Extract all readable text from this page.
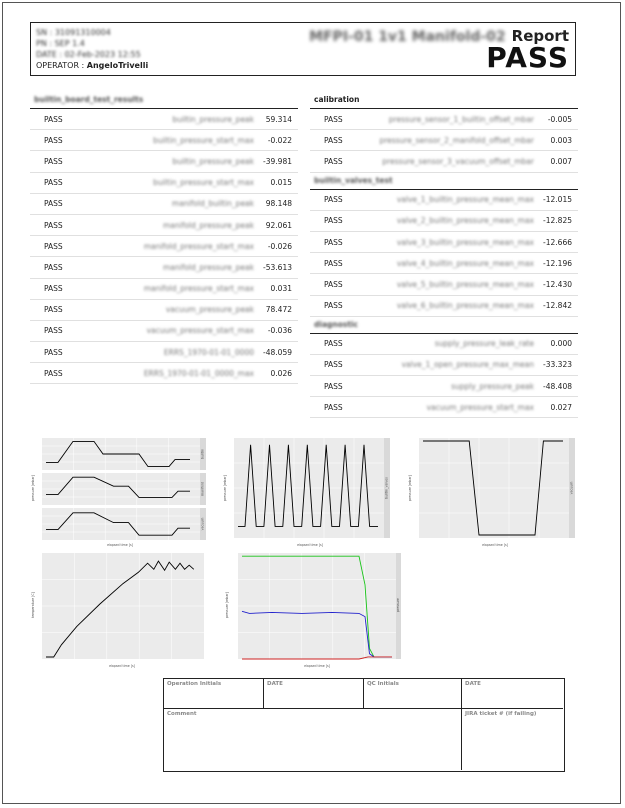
SN : 31091310004
PN : SEP 1.4
DATE : 02-Feb-2023 12:55
OPERATOR : AngeloTrivelli
MFPI-01 1v1 Manifold-02 Report
PASS
builtin_board_test_results
PASS	builtin_pressure_peak	59.314
PASS	builtin_pressure_start_max	-0.022
PASS	builtin_pressure_peak	-39.981
PASS	builtin_pressure_start_max	0.015
PASS	manifold_builtin_peak	98.148
PASS	manifold_pressure_peak	92.061
PASS	manifold_pressure_start_max	-0.026
PASS	manifold_pressure_peak	-53.613
PASS	manifold_pressure_start_max	0.031
PASS	vacuum_pressure_peak	78.472
PASS	vacuum_pressure_start_max	-0.036
PASS	ERRS_1970-01-01_0000	-48.059
PASS	ERRS_1970-01-01_0000_max	0.026
calibration
PASS	pressure_sensor_1_builtin_offset_mbar	-0.005
PASS	pressure_sensor_2_manifold_offset_mbar	0.003
PASS	pressure_sensor_3_vacuum_offset_mbar	0.007
builtin_valves_test
PASS	valve_1_builtin_pressure_mean_max	-12.015
PASS	valve_2_builtin_pressure_mean_max	-12.825
PASS	valve_3_builtin_pressure_mean_max	-12.666
PASS	valve_4_builtin_pressure_mean_max	-12.196
PASS	valve_5_builtin_pressure_mean_max	-12.430
PASS	valve_6_builtin_pressure_mean_max	-12.842
diagnostic
PASS	supply_pressure_leak_rate	0.000
PASS	valve_1_open_pressure_max_mean	-33.323
PASS	supply_pressure_peak	-48.408
PASS	vacuum_pressure_start_max	0.027
pressure [mbar]
elapsed time [s]
builtin
manifold
vacuum
pressure [mbar]
elapsed time [s]
builtin_valves	pressure [mbar]
elapsed time [s]
vacuum
temperature [C]
elapsed time [s]
pressure [mbar]
elapsed time [s]
pressure
Operation Initials	DATE	QC Initials	DATE
Comment	JIRA ticket # (if failing)
